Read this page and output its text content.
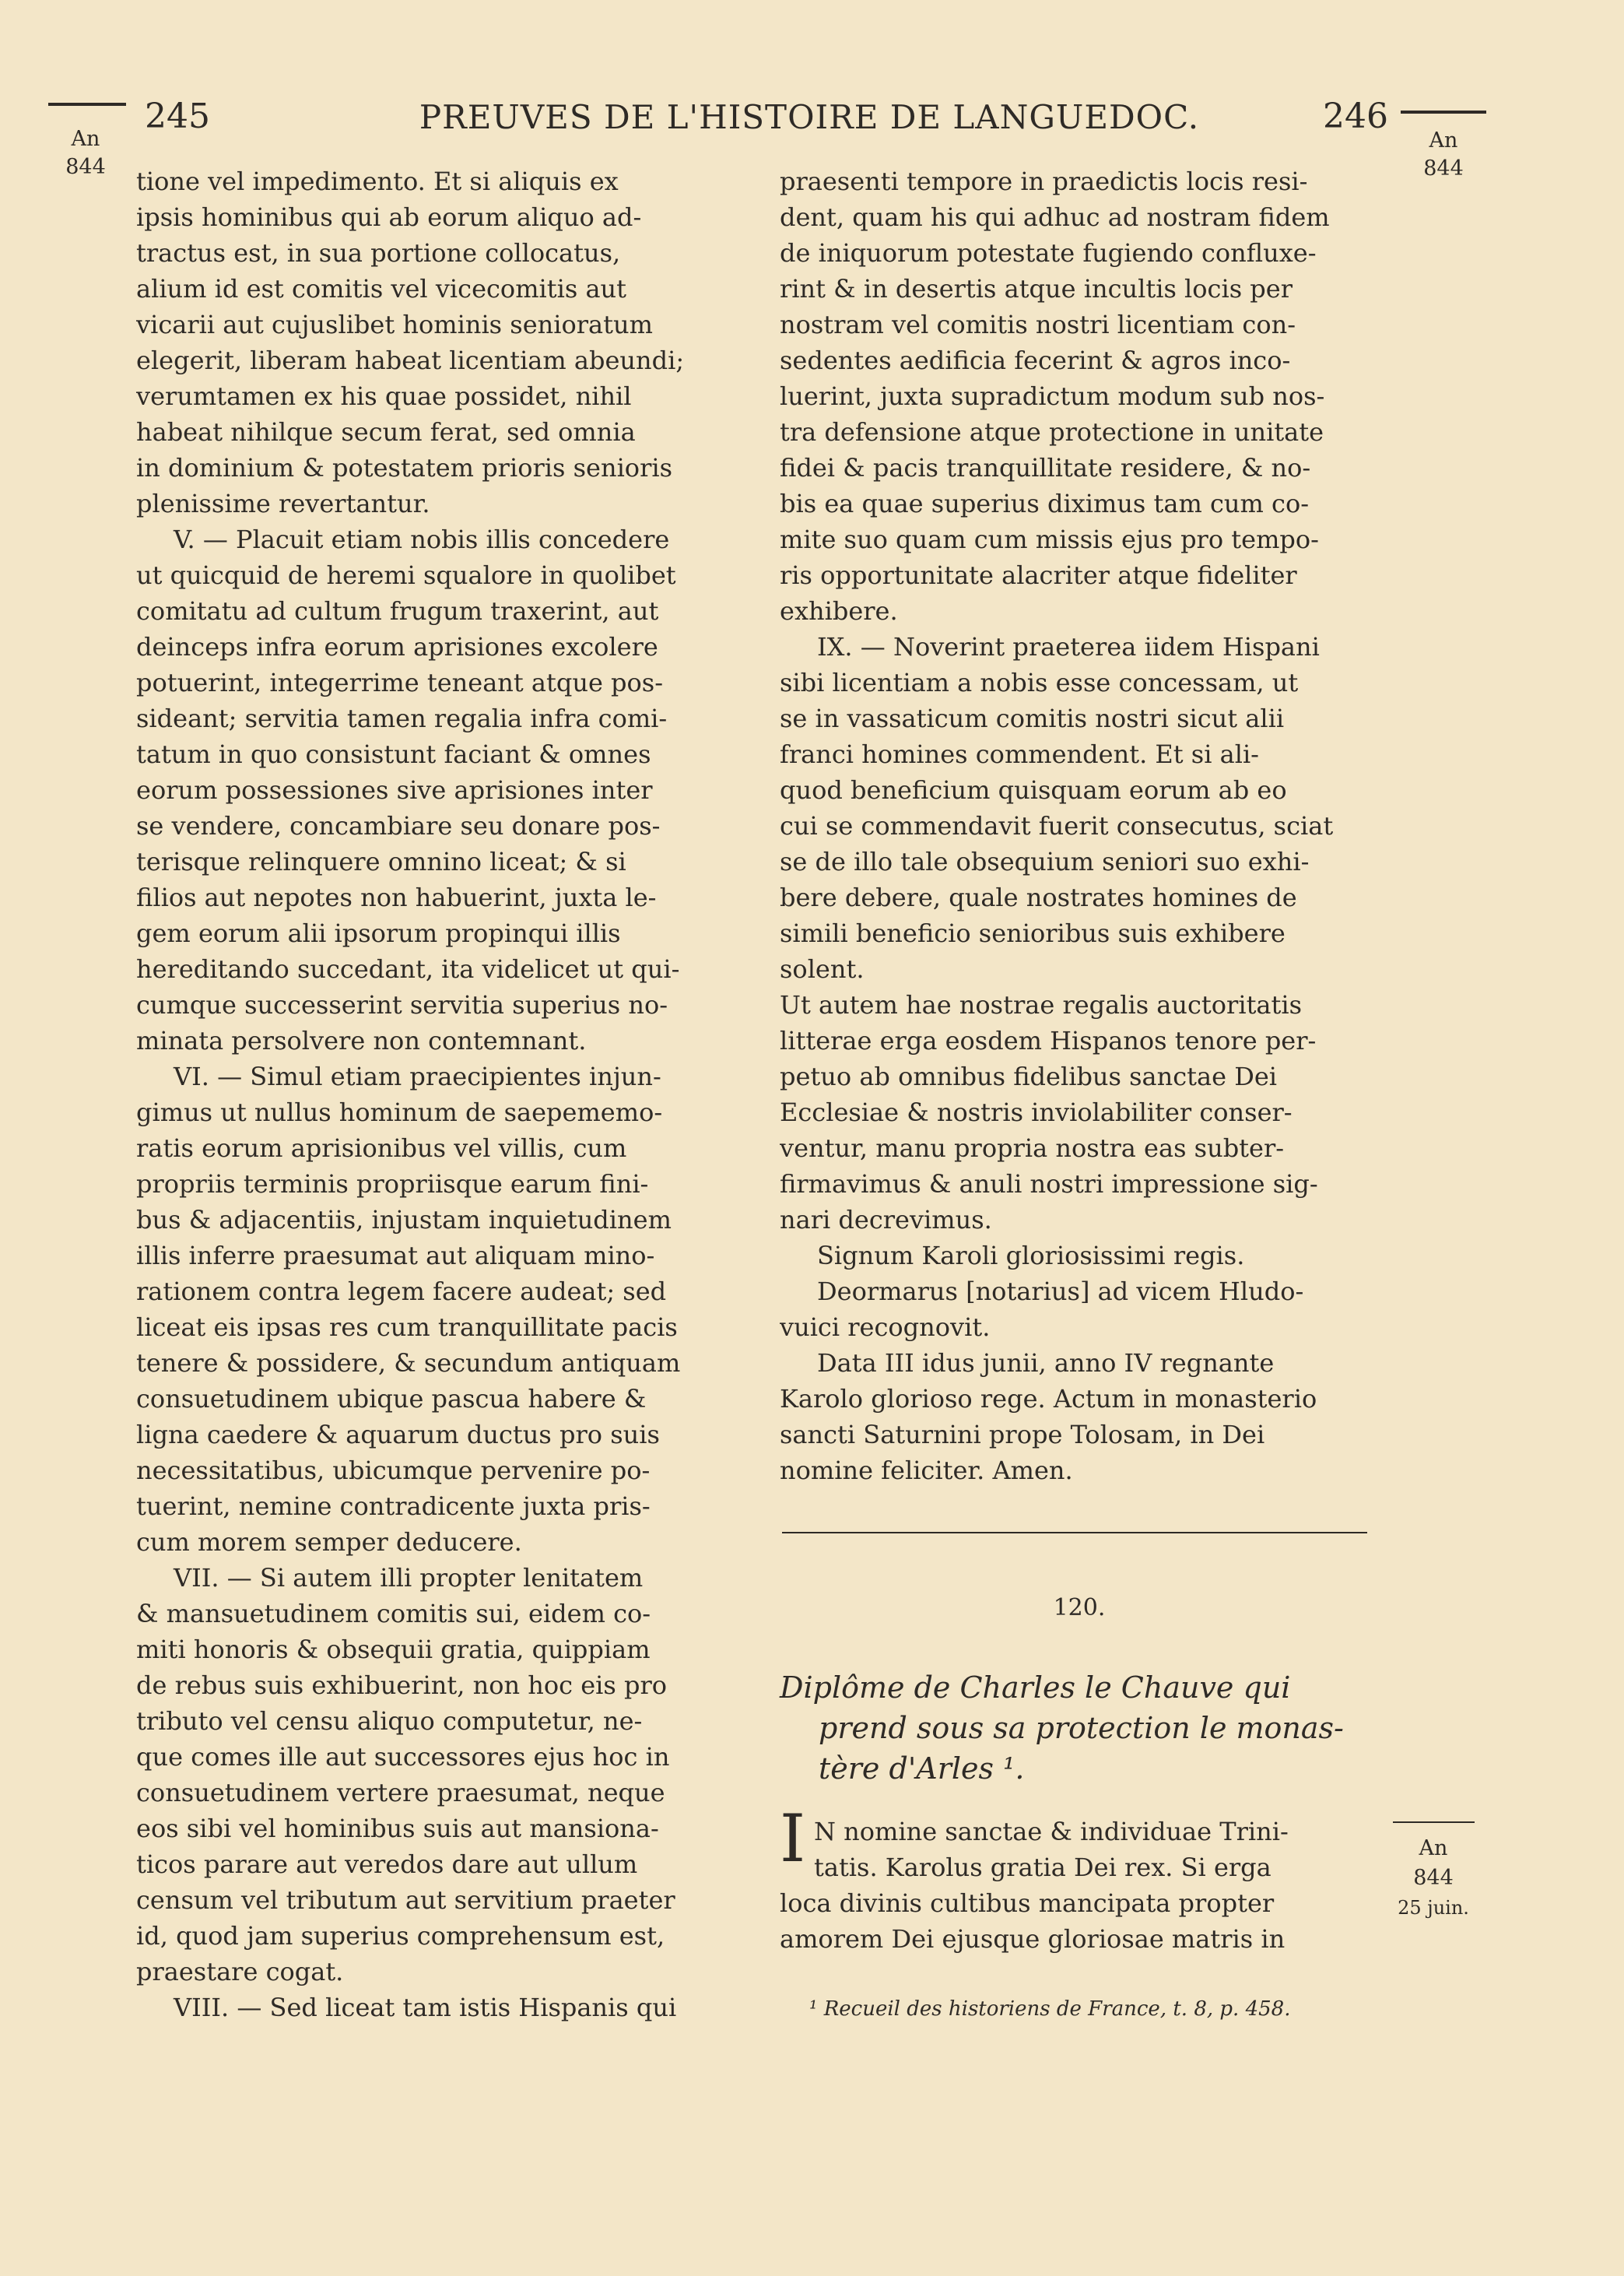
An
844
245	PREUVES DE L'HISTOIRE DE LANGUEDOC.	246
An
844
tione vel impedimento. Et si aliquis ex
ipsis hominibus qui ab eorum aliquo ad-
tractus est, in sua portione collocatus,
alium id est comitis vel vicecomitis aut
vicarii aut cujuslibet hominis senioratum
elegerit, liberam habeat licentiam abeundi;
verumtamen ex his quae possidet, nihil
habeat nihilque secum ferat, sed omnia
in dominium & potestatem prioris senioris
plenissime revertantur.
V. — Placuit etiam nobis illis concedere
ut quicquid de heremi squalore in quolibet
comitatu ad cultum frugum traxerint, aut
deinceps infra eorum aprisiones excolere
potuerint, integerrime teneant atque pos-
sideant; servitia tamen regalia infra comi-
tatum in quo consistunt faciant & omnes
eorum possessiones sive aprisiones inter
se vendere, concambiare seu donare pos-
terisque relinquere omnino liceat; & si
filios aut nepotes non habuerint, juxta le-
gem eorum alii ipsorum propinqui illis
hereditando succedant, ita videlicet ut qui-
cumque successerint servitia superius no-
minata persolvere non contemnant.
VI. — Simul etiam praecipientes injun-
gimus ut nullus hominum de saepememo-
ratis eorum aprisionibus vel villis, cum
propriis terminis propriisque earum fini-
bus & adjacentiis, injustam inquietudinem
illis inferre praesumat aut aliquam mino-
rationem contra legem facere audeat; sed
liceat eis ipsas res cum tranquillitate pacis
tenere & possidere, & secundum antiquam
consuetudinem ubique pascua habere &
ligna caedere & aquarum ductus pro suis
necessitatibus, ubicumque pervenire po-
tuerint, nemine contradicente juxta pris-
cum morem semper deducere.
VII. — Si autem illi propter lenitatem
& mansuetudinem comitis sui, eidem co-
miti honoris & obsequii gratia, quippiam
de rebus suis exhibuerint, non hoc eis pro
tributo vel censu aliquo computetur, ne-
que comes ille aut successores ejus hoc in
consuetudinem vertere praesumat, neque
eos sibi vel hominibus suis aut mansiona-
ticos parare aut veredos dare aut ullum
censum vel tributum aut servitium praeter
id, quod jam superius comprehensum est,
praestare cogat.
VIII. — Sed liceat tam istis Hispanis qui
praesenti tempore in praedictis locis resi-
dent, quam his qui adhuc ad nostram fidem
de iniquorum potestate fugiendo confluxe-
rint & in desertis atque incultis locis per
nostram vel comitis nostri licentiam con-
sedentes aedificia fecerint & agros inco-
luerint, juxta supradictum modum sub nos-
tra defensione atque protectione in unitate
fidei & pacis tranquillitate residere, & no-
bis ea quae superius diximus tam cum co-
mite suo quam cum missis ejus pro tempo-
ris opportunitate alacriter atque fideliter
exhibere.
IX. — Noverint praeterea iidem Hispani
sibi licentiam a nobis esse concessam, ut
se in vassaticum comitis nostri sicut alii
franci homines commendent. Et si ali-
quod beneficium quisquam eorum ab eo
cui se commendavit fuerit consecutus, sciat
se de illo tale obsequium seniori suo exhi-
bere debere, quale nostrates homines de
simili beneficio senioribus suis exhibere
solent.
Ut autem hae nostrae regalis auctoritatis
litterae erga eosdem Hispanos tenore per-
petuo ab omnibus fidelibus sanctae Dei
Ecclesiae & nostris inviolabiliter conser-
ventur, manu propria nostra eas subter-
firmavimus & anuli nostri impressione sig-
nari decrevimus.
Signum Karoli gloriosissimi regis.
Deormarus [notarius] ad vicem Hludo-
vuici recognovit.
Data III idus junii, anno IV regnante
Karolo glorioso rege. Actum in monasterio
sancti Saturnini prope Tolosam, in Dei
nomine feliciter. Amen.
120.
Diplôme de Charles le Chauve qui
prend sous sa protection le monas-
tère d'Arles ¹.
I N nomine sanctae & individuae Trini-
tatis. Karolus gratia Dei rex. Si erga
loca divinis cultibus mancipata propter
amorem Dei ejusque gloriosae matris in
An
844
25 juin.
¹ Recueil des historiens de France, t. 8, p. 458.
